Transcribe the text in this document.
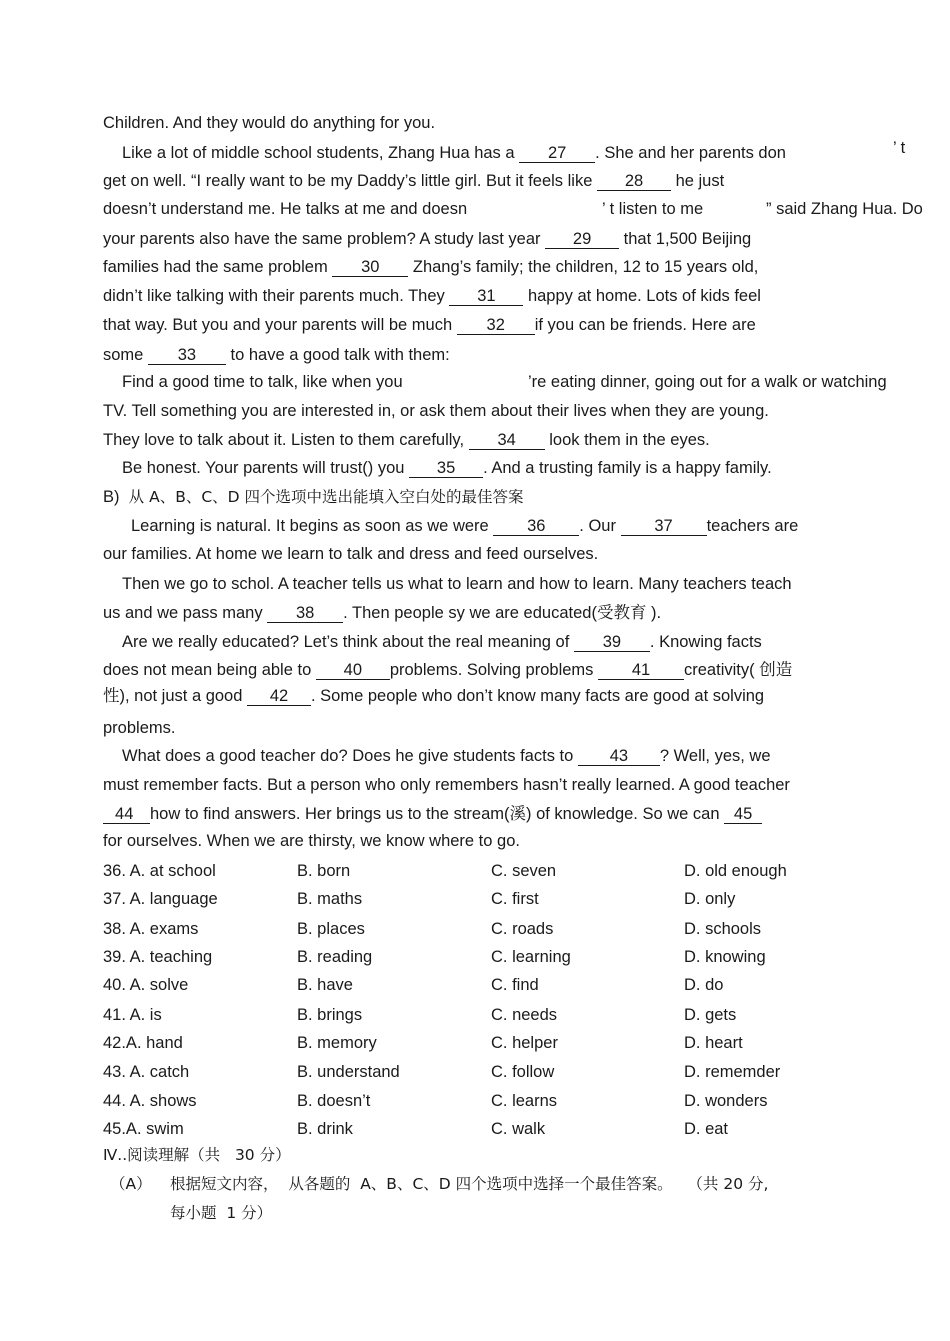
Children. And they would do anything for you.
Like a lot of middle school students, Zhang Hua has a 27 . She and her parents don	’ t
get on well. “I really want to be my Daddy’s little girl. But it feels like 28 he just
doesn’t understand me. He talks at me and doesn	’ t listen to me	” said Zhang Hua. Do
your parents also have the same problem? A study last year 29 that 1,500 Beijing
families had the same problem 30 Zhang’s family; the children, 12 to 15 years old,
didn’t like talking with their parents much. They 31 happy at home. Lots of kids feel
that way. But you and your parents will be much 32 if you can be friends. Here are
some 33 to have a good talk with them:
Find a good time to talk, like when you	’re eating dinner, going out for a walk or watching
TV. Tell something you are interested in, or ask them about their lives when they are young.
They love to talk about it. Listen to them carefully, 34 look them in the eyes.
Be honest. Your parents will trust() you 35 . And a trusting family is a happy family.
B) 从 A、B、C、D 四个选项中选出能填入空白处的最佳答案
Learning is natural. It begins as soon as we were 36 . Our 37 teachers are
our families. At home we learn to talk and dress and feed ourselves.
Then we go to schol. A teacher tells us what to learn and how to learn. Many teachers teach
us and we pass many 38 . Then people sy we are educated(受教育 ).
Are we really educated? Let’s think about the real meaning of 39 . Knowing facts
does not mean being able to 40 problems. Solving problems 41 creativity( 创造
性), not just a good 42 . Some people who don’t know many facts are good at solving
problems.
What does a good teacher do? Does he give students facts to 43 ? Well, yes, we
must remember facts. But a person who only remembers hasn’t really learned. A good teacher
44 how to find answers. Her brings us to the stream(溪) of knowledge. So we can 45
for ourselves. When we are thirsty, we know where to go.
36. A. at school	B. born	C. seven	D. old enough
37. A. language	B. maths	C. first	D. only
38. A. exams	B. places	C. roads	D. schools
39. A. teaching	B. reading	C. learning	D. knowing
40. A. solve	B. have	C. find	D. do
41. A. is	B. brings	C. needs	D. gets
42.A. hand	B. memory	C. helper	D. heart
43. A. catch	B. understand	C. follow	D. rememder
44. A. shows	B. doesn’t	C. learns	D. wonders
45.A. swim	B. drink	C. walk	D. eat
Ⅳ..阅读理解（共   30 分）
（A） 根据短文内容，  从各题的  A、B、C、D 四个选项中选择一个最佳答案。   （共 20 分,
每小题  1 分）
